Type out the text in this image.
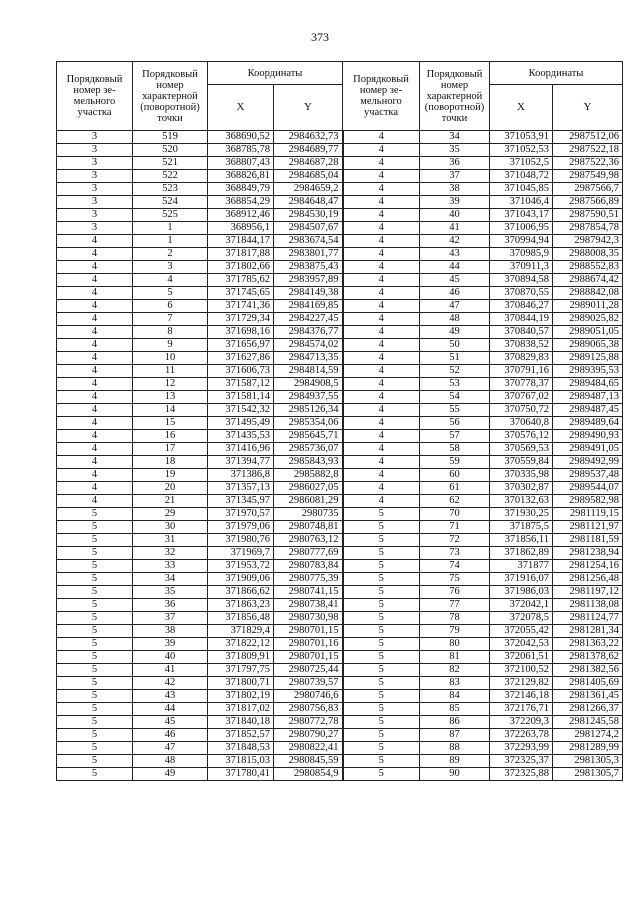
373
Порядковый номер зе-мельного участка	Порядковый номер характерной (поворотной) точки	Координаты		Порядковый номер зе-мельного участка	Порядковый номер характерной (поворотной) точки	Координаты	
		X	Y			X	Y
3	519	368690,52	2984632,73	4	34	371053,91	2987512,06
3	520	368785,78	2984689,77	4	35	371052,53	2987522,18
3	521	368807,43	2984687,28	4	36	371052,5	2987522,36
3	522	368826,81	2984685,04	4	37	371048,72	2987549,98
3	523	368849,79	2984659,2	4	38	371045,85	2987566,7
3	524	368854,29	2984648,47	4	39	371046,4	2987566,89
3	525	368912,46	2984530,19	4	40	371043,17	2987590,51
3	1	368956,1	2984507,67	4	41	371006,95	2987854,78
4	1	371844,17	2983674,54	4	42	370994,94	2987942,3
4	2	371817,88	2983801,77	4	43	370985,9	2988008,35
4	3	371802,66	2983875,43	4	44	370911,3	2988552,83
4	4	371785,62	2983957,89	4	45	370894,58	2988674,42
4	5	371745,65	2984149,38	4	46	370870,55	2988842,08
4	6	371741,36	2984169,85	4	47	370846,27	2989011,28
4	7	371729,34	2984227,45	4	48	370844,19	2989025,82
4	8	371698,16	2984376,77	4	49	370840,57	2989051,05
4	9	371656,97	2984574,02	4	50	370838,52	2989065,38
4	10	371627,86	2984713,35	4	51	370829,83	2989125,88
4	11	371606,73	2984814,59	4	52	370791,16	2989395,53
4	12	371587,12	2984908,5	4	53	370778,37	2989484,65
4	13	371581,14	2984937,55	4	54	370767,02	2989487,13
4	14	371542,32	2985126,34	4	55	370750,72	2989487,45
4	15	371495,49	2985354,06	4	56	370640,8	2989489,64
4	16	371435,53	2985645,71	4	57	370576,12	2989490,93
4	17	371416,96	2985736,07	4	58	370569,53	2989491,05
4	18	371394,77	2985843,93	4	59	370559,84	2989492,99
4	19	371386,8	2985882,8	4	60	370335,98	2989537,48
4	20	371357,13	2986027,05	4	61	370302,87	2989544,07
4	21	371345,97	2986081,29	4	62	370132,63	2989582,98
5	29	371970,57	2980735	5	70	371930,25	2981119,15
5	30	371979,06	2980748,81	5	71	371875,5	2981121,97
5	31	371980,76	2980763,12	5	72	371856,11	2981181,59
5	32	371969,7	2980777,69	5	73	371862,89	2981238,94
5	33	371953,72	2980783,84	5	74	371877	2981254,16
5	34	371909,06	2980775,39	5	75	371916,07	2981256,48
5	35	371866,62	2980741,15	5	76	371986,03	2981197,12
5	36	371863,23	2980738,41	5	77	372042,1	2981138,08
5	37	371856,48	2980730,98	5	78	372078,5	2981124,77
5	38	371829,4	2980701,15	5	79	372055,42	2981281,34
5	39	371822,12	2980701,16	5	80	372042,53	2981363,22
5	40	371809,91	2980701,15	5	81	372061,51	2981378,62
5	41	371797,75	2980725,44	5	82	372100,52	2981382,56
5	42	371800,71	2980739,57	5	83	372129,82	2981405,69
5	43	371802,19	2980746,6	5	84	372146,18	2981361,45
5	44	371817,02	2980756,83	5	85	372176,71	2981266,37
5	45	371840,18	2980772,78	5	86	372209,3	2981245,58
5	46	371852,57	2980790,27	5	87	372263,78	2981274,2
5	47	371848,53	2980822,41	5	88	372293,99	2981289,99
5	48	371815,03	2980845,59	5	89	372325,37	2981305,3
5	49	371780,41	2980854,9	5	90	372325,88	2981305,7
